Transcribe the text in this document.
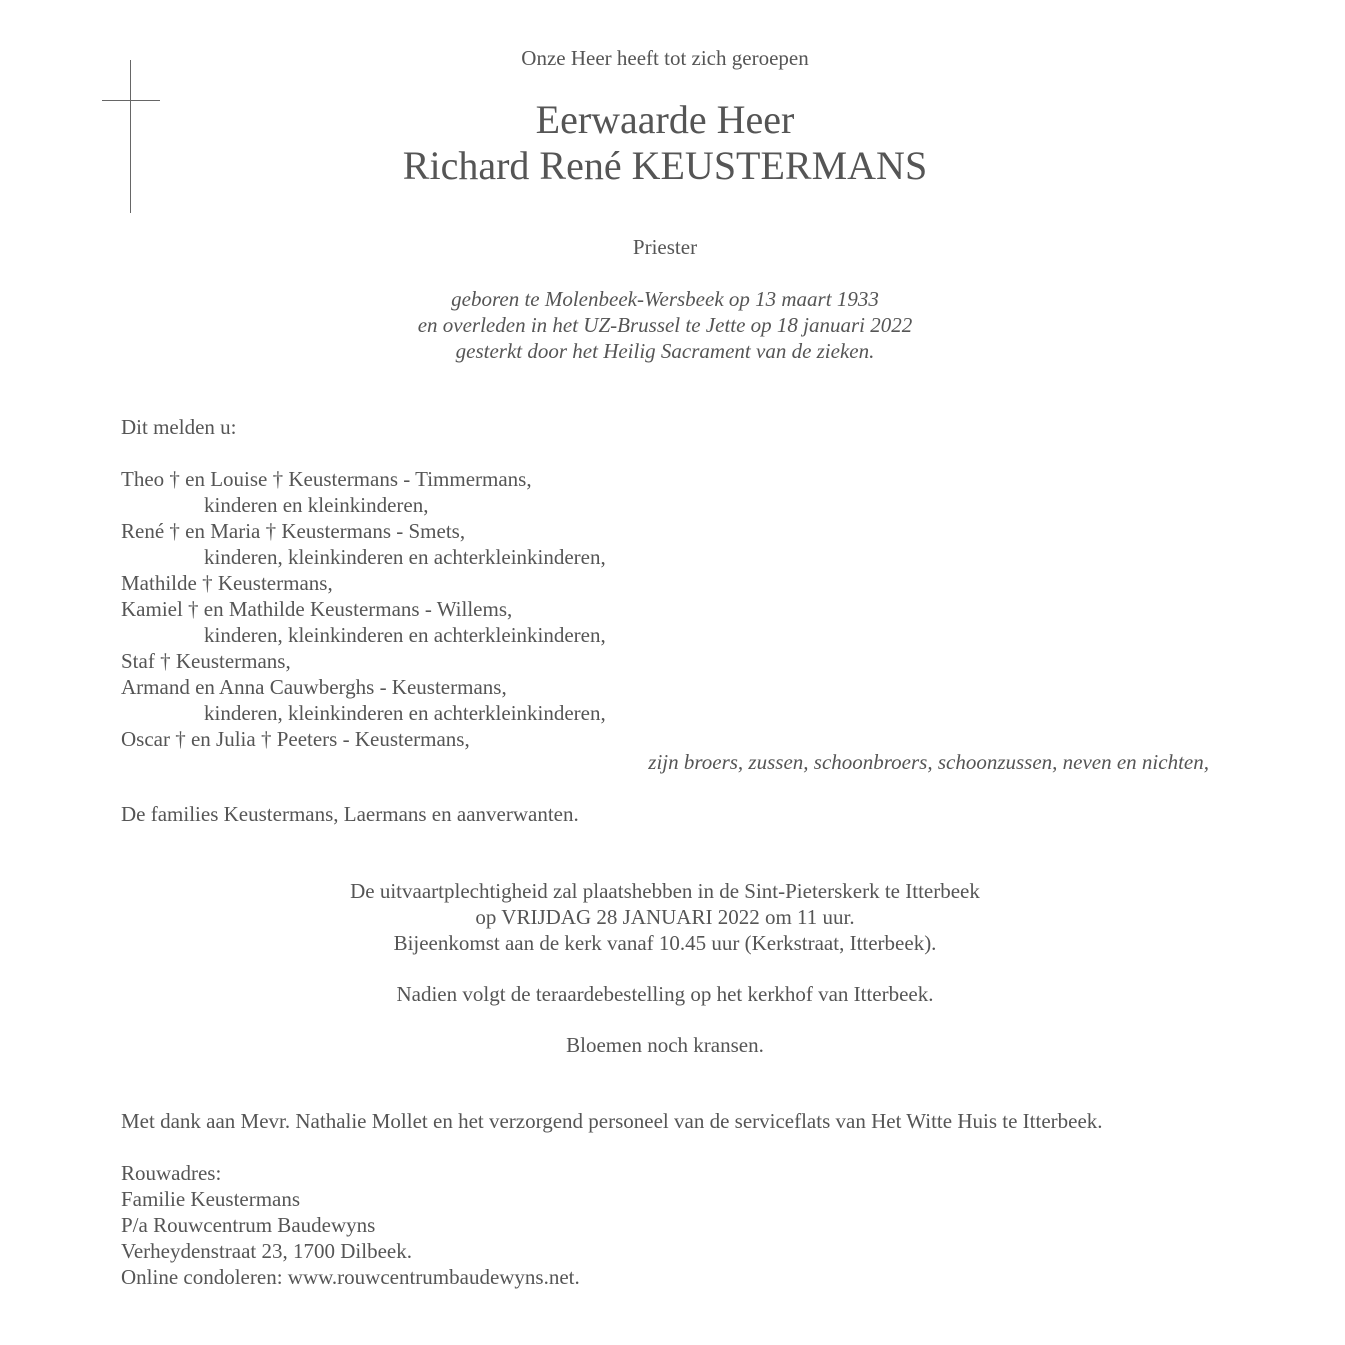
Onze Heer heeft tot zich geroepen
Eerwaarde Heer
Richard René KEUSTERMANS
Priester
geboren te Molenbeek-Wersbeek op 13 maart 1933
en overleden in het UZ-Brussel te Jette op 18 januari 2022
gesterkt door het Heilig Sacrament van de zieken.
Dit melden u:
Theo † en Louise † Keustermans - Timmermans,
kinderen en kleinkinderen,
René † en Maria † Keustermans - Smets,
kinderen, kleinkinderen en achterkleinkinderen,
Mathilde † Keustermans,
Kamiel † en Mathilde Keustermans - Willems,
kinderen, kleinkinderen en achterkleinkinderen,
Staf † Keustermans,
Armand en Anna Cauwberghs - Keustermans,
kinderen, kleinkinderen en achterkleinkinderen,
Oscar † en Julia † Peeters - Keustermans,
zijn broers, zussen, schoonbroers, schoonzussen, neven en nichten,
De families Keustermans, Laermans en aanverwanten.
De uitvaartplechtigheid zal plaatshebben in de Sint-Pieterskerk te Itterbeek
op VRIJDAG 28 JANUARI 2022 om 11 uur.
Bijeenkomst aan de kerk vanaf 10.45 uur (Kerkstraat, Itterbeek).
Nadien volgt de teraardebestelling op het kerkhof van Itterbeek.
Bloemen noch kransen.
Met dank aan Mevr. Nathalie Mollet en het verzorgend personeel van de serviceflats van Het Witte Huis te Itterbeek.
Rouwadres:
Familie Keustermans
P/a Rouwcentrum Baudewyns
Verheydenstraat 23, 1700 Dilbeek.
Online condoleren: www.rouwcentrumbaudewyns.net.
